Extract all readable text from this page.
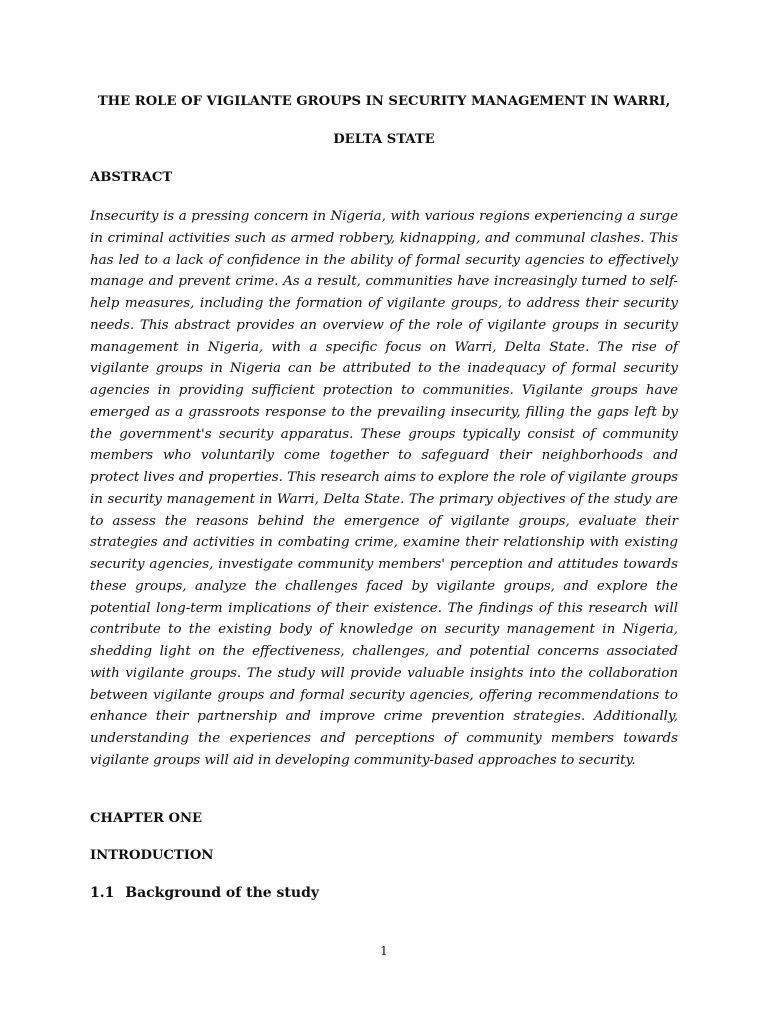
THE ROLE OF VIGILANTE GROUPS IN SECURITY MANAGEMENT IN WARRI,
DELTA STATE
ABSTRACT
Insecurity is a pressing concern in Nigeria, with various regions experiencing a surge in criminal activities such as armed robbery, kidnapping, and communal clashes. This has led to a lack of confidence in the ability of formal security agencies to effectively manage and prevent crime. As a result, communities have increasingly turned to self-help measures, including the formation of vigilante groups, to address their security needs. This abstract provides an overview of the role of vigilante groups in security management in Nigeria, with a specific focus on Warri, Delta State. The rise of vigilante groups in Nigeria can be attributed to the inadequacy of formal security agencies in providing sufficient protection to communities. Vigilante groups have emerged as a grassroots response to the prevailing insecurity, filling the gaps left by the government's security apparatus. These groups typically consist of community members who voluntarily come together to safeguard their neighborhoods and protect lives and properties. This research aims to explore the role of vigilante groups in security management in Warri, Delta State. The primary objectives of the study are to assess the reasons behind the emergence of vigilante groups, evaluate their strategies and activities in combating crime, examine their relationship with existing security agencies, investigate community members' perception and attitudes towards these groups, analyze the challenges faced by vigilante groups, and explore the potential long-term implications of their existence. The findings of this research will contribute to the existing body of knowledge on security management in Nigeria, shedding light on the effectiveness, challenges, and potential concerns associated with vigilante groups. The study will provide valuable insights into the collaboration between vigilante groups and formal security agencies, offering recommendations to enhance their partnership and improve crime prevention strategies. Additionally, understanding the experiences and perceptions of community members towards vigilante groups will aid in developing community-based approaches to security.
CHAPTER ONE
INTRODUCTION
1.1 Background of the study
1
